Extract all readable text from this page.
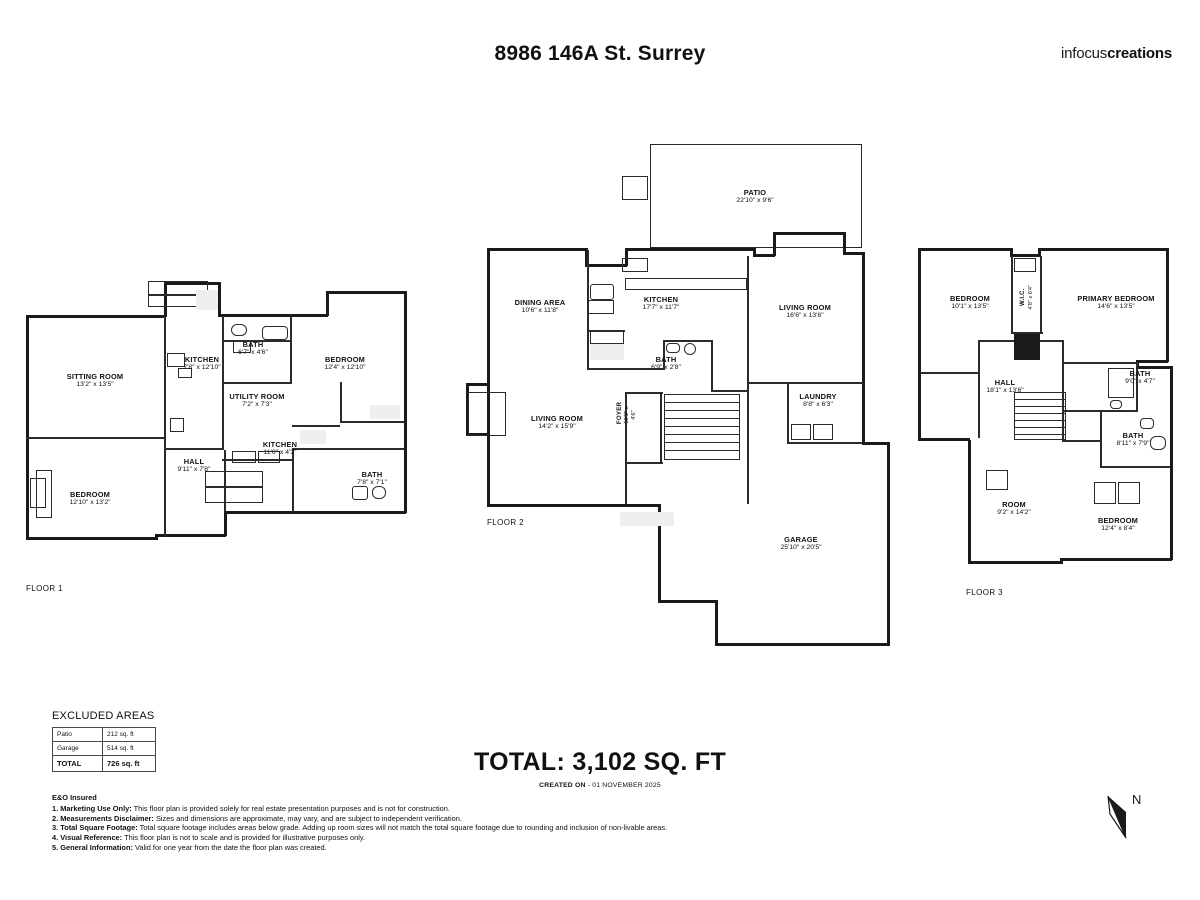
8986 146A St. Surrey	infocuscreations
SITTING ROOM
13'2" x 13'5"
KITCHEN
7'8" x 12'10"
BATH
6'7" x 4'6"
BEDROOM
12'4" x 12'10"
UTILITY ROOM
7'2" x 7'3"
KITCHEN
11'0" x 4'3"
HALL
9'11" x 7'8"
BATH
7'8" x 7'1"
BEDROOM
12'10" x 13'2"
FLOOR 1
PATIO
22'10" x 9'6"
DINING AREA
10'6" x 11'8"
KITCHEN
17'7" x 11'7"	LIVING ROOM
16'6" x 13'6"
BATH
6'9" x 2'8"
LAUNDRY
8'8" x 6'3"
LIVING ROOM
14'2" x 15'9"
FOYER 10'3" x 4'6"
GARAGE
25'10" x 20'5"
FLOOR 2
BEDROOM
10'1" x 13'5"
W.I.C. 4'8" x 6'4"	PRIMARY BEDROOM
14'6" x 13'5"
HALL
18'1" x 13'6"
BATH
9'0" x 4'7"
BATH
8'11" x 7'9"
ROOM
9'2" x 14'2"
BEDROOM
12'4" x 8'4"
FLOOR 3
EXCLUDED AREAS
Patio	212 sq. ft
Garage	514 sq. ft
TOTAL	726 sq. ft	TOTAL: 3,102 SQ. FT
CREATED ON - 01 NOVEMBER 2025
E&O Insured
1. Marketing Use Only: This floor plan is provided solely for real estate presentation purposes and is not for construction.
2. Measurements Disclaimer: Sizes and dimensions are approximate, may vary, and are subject to independent verification.
3. Total Square Footage: Total square footage includes areas below grade. Adding up room sizes will not match the total square footage due to rounding and inclusion of non-livable areas.
4. Visual Reference: This floor plan is not to scale and is provided for illustrative purposes only.
5. General Information: Valid for one year from the date the floor plan was created.
N
